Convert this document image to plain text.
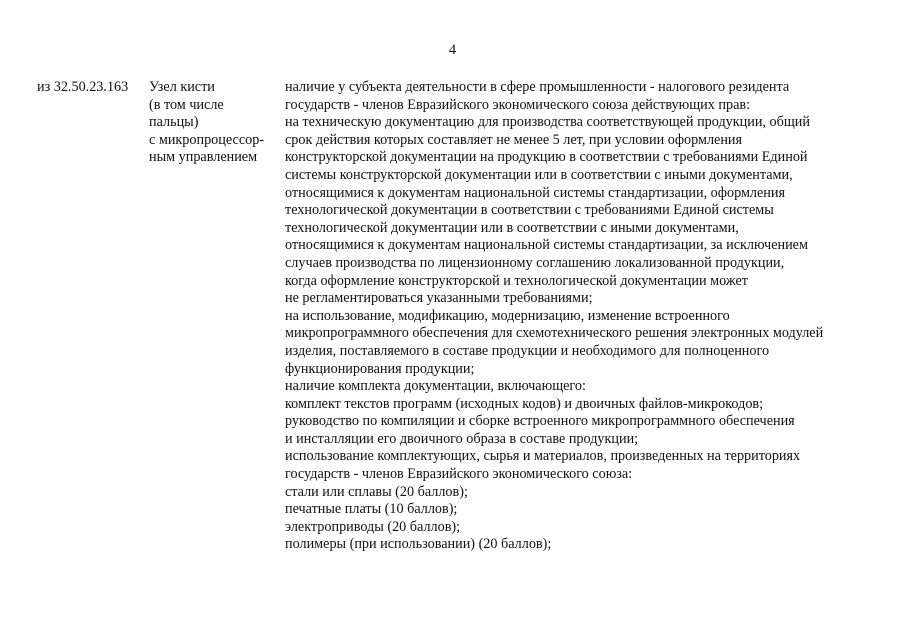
4
из 32.50.23.163	Узел кисти
(в том числе
пальцы)
с микропроцессор-
ным управлением
наличие у субъекта деятельности в сфере промышленности - налогового резидента
государств - членов Евразийского экономического союза действующих прав:
на техническую документацию для производства соответствующей продукции, общий
срок действия которых составляет не менее 5 лет, при условии оформления
конструкторской документации на продукцию в соответствии с требованиями Единой
системы конструкторской документации или в соответствии с иными документами,
относящимися к документам национальной системы стандартизации, оформления
технологической документации в соответствии с требованиями Единой системы
технологической документации или в соответствии с иными документами,
относящимися к документам национальной системы стандартизации, за исключением
случаев производства по лицензионному соглашению локализованной продукции,
когда оформление конструкторской и технологической документации может
не регламентироваться указанными требованиями;
на использование, модификацию, модернизацию, изменение встроенного
микропрограммного обеспечения для схемотехнического решения электронных модулей
изделия, поставляемого в составе продукции и необходимого для полноценного
функционирования продукции;
наличие комплекта документации, включающего:
комплект текстов программ (исходных кодов) и двоичных файлов-микрокодов;
руководство по компиляции и сборке встроенного микропрограммного обеспечения
и инсталляции его двоичного образа в составе продукции;
использование комплектующих, сырья и материалов, произведенных на территориях
государств - членов Евразийского экономического союза:
стали или сплавы (20 баллов);
печатные платы (10 баллов);
электроприводы (20 баллов);
полимеры (при использовании) (20 баллов);
